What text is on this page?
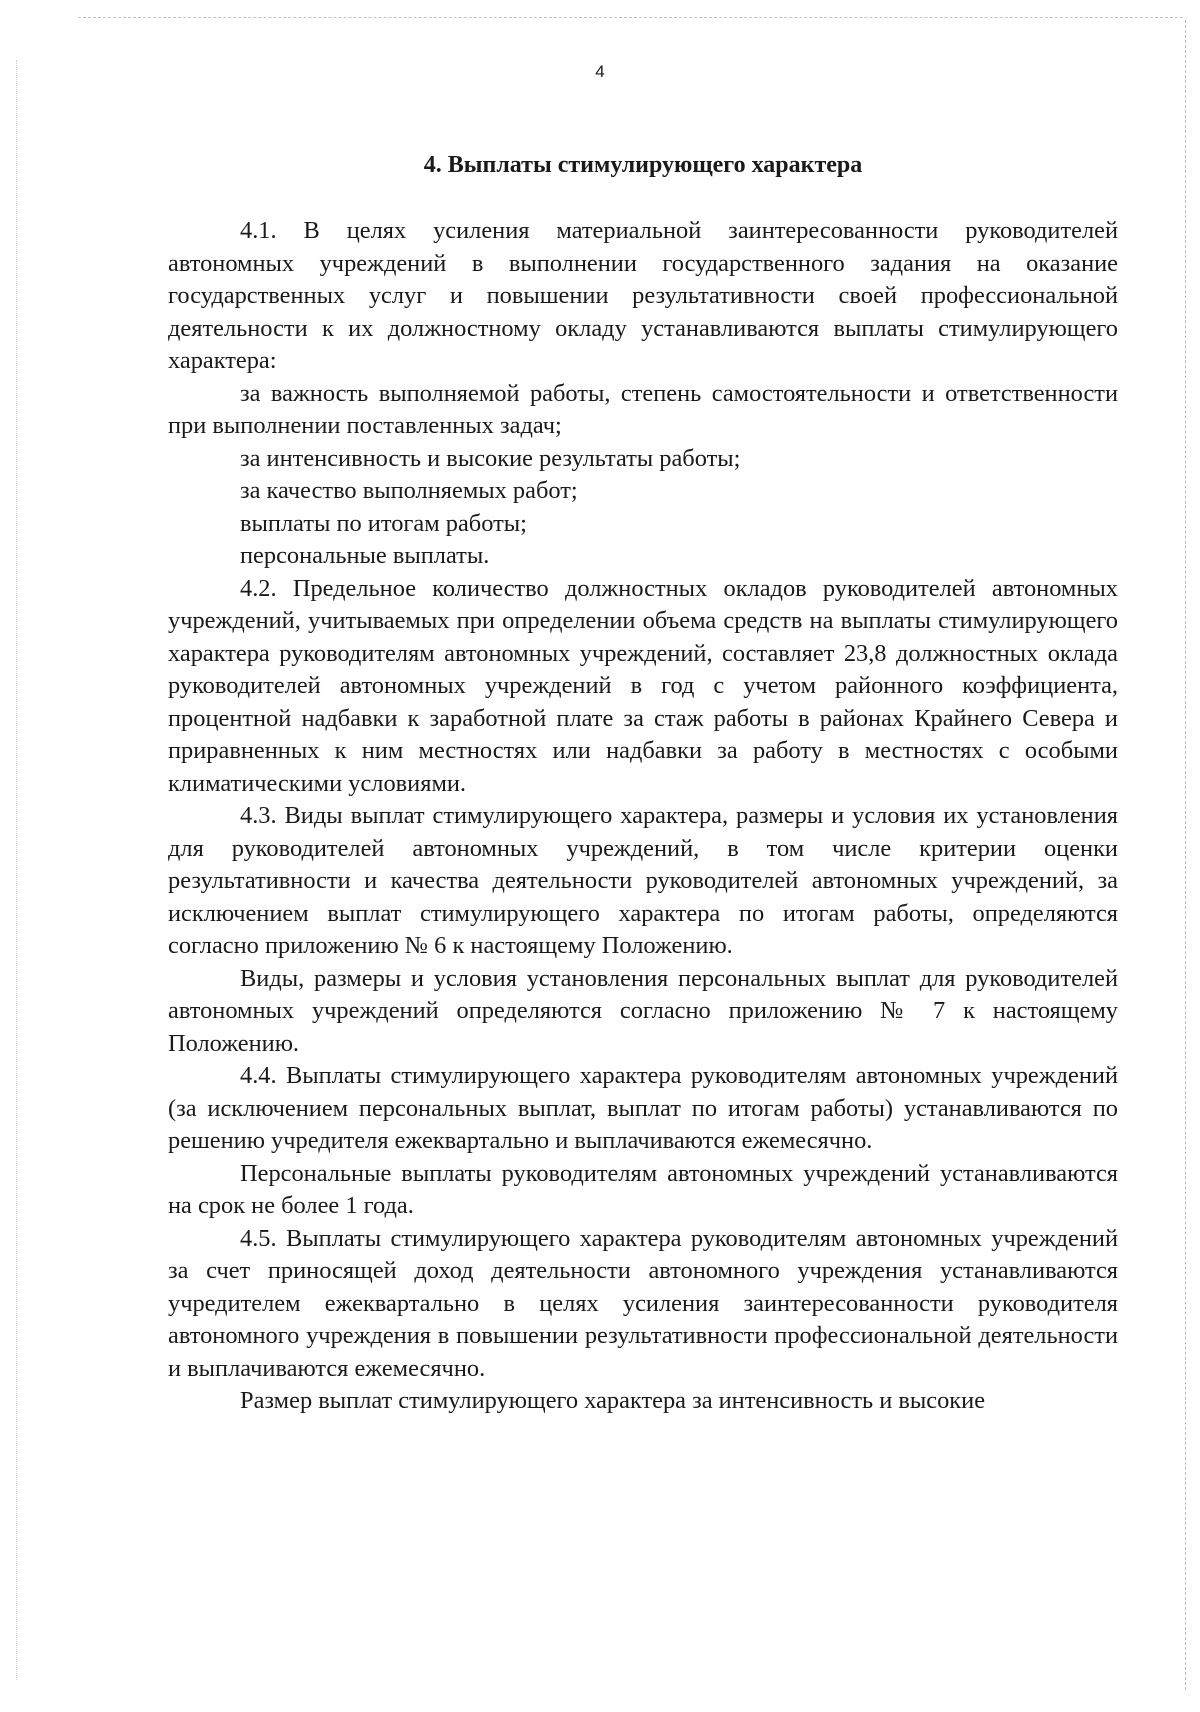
4
4. Выплаты стимулирующего характера

4.1. В целях усиления материальной заинтересованности руководителей автономных учреждений в выполнении государственного задания на оказание государственных услуг и повышении результативности своей профессиональной деятельности к их должностному окладу устанавливаются выплаты стимулирующего характера:

за важность выполняемой работы, степень самостоятельности и ответственности при выполнении поставленных задач;

за интенсивность и высокие результаты работы;

за качество выполняемых работ;

выплаты по итогам работы;

персональные выплаты.

4.2. Предельное количество должностных окладов руководителей автономных учреждений, учитываемых при определении объема средств на выплаты стимулирующего характера руководителям автономных учреждений, составляет 23,8 должностных оклада руководителей автономных учреждений в год с учетом районного коэффициента, процентной надбавки к заработной плате за стаж работы в районах Крайнего Севера и приравненных к ним местностях или надбавки за работу в местностях с особыми климатическими условиями.

4.3. Виды выплат стимулирующего характера, размеры и условия их установления для руководителей автономных учреждений, в том числе критерии оценки результативности и качества деятельности руководителей автономных учреждений, за исключением выплат стимулирующего характера по итогам работы, определяются согласно приложению № 6 к настоящему Положению.

Виды, размеры и условия установления персональных выплат для руководителей автономных учреждений определяются согласно приложению № 7 к настоящему Положению.

4.4. Выплаты стимулирующего характера руководителям автономных учреждений (за исключением персональных выплат, выплат по итогам работы) устанавливаются по решению учредителя ежеквартально и выплачиваются ежемесячно.

Персональные выплаты руководителям автономных учреждений устанавливаются на срок не более 1 года.

4.5. Выплаты стимулирующего характера руководителям автономных учреждений за счет приносящей доход деятельности автономного учреждения устанавливаются учредителем ежеквартально в целях усиления заинтересованности руководителя автономного учреждения в повышении результативности профессиональной деятельности и выплачиваются ежемесячно.

Размер выплат стимулирующего характера за интенсивность и высокие
